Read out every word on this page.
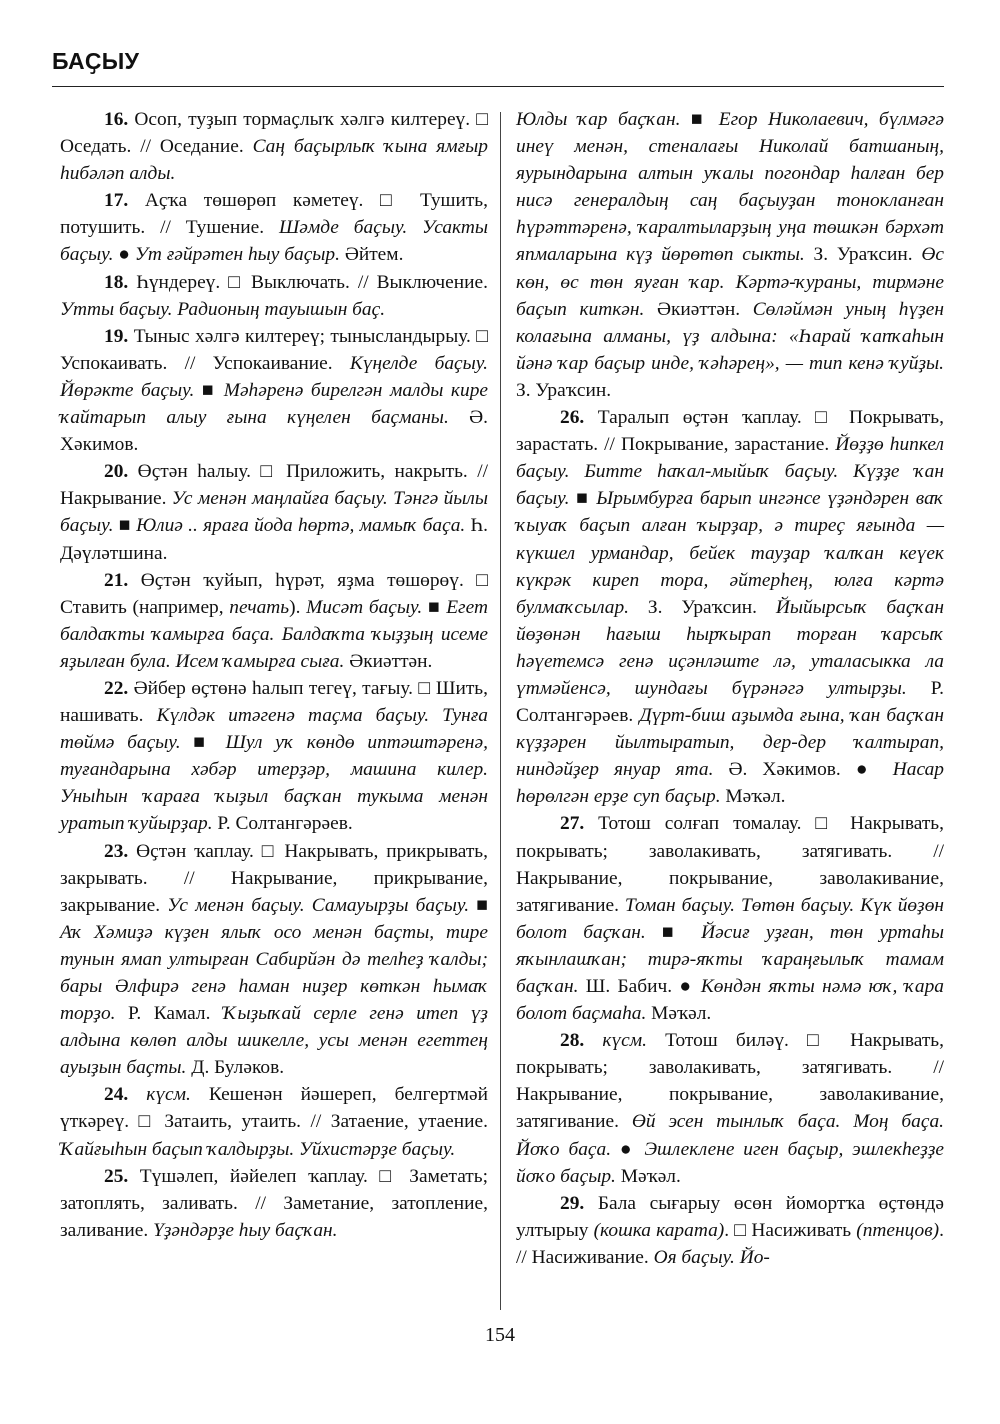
БАҪЫУ

16. Осоп, туҙып тормаҫлыҡ хәлгә килтереү. □ Оседать. // Оседание. Саң баҫырлыҡ ҡына ямғыр һибәләп алды.

17. Аҫҡа төшөрөп кәметеү. □ Тушить, потушить. // Тушение. Шәмде баҫыу. Усакты баҫыу. ● Ут ғәйрәтен һыу баҫыр. Әйтем.

18. Һүндереү. □ Выключать. // Выключение. Утты баҫыу. Радионың тауышын баҫ.

19. Тыныс хәлгә килтереү; тынысландырыу. □ Успокаивать. // Успокаивание. Күңелде баҫыу. Йөрәкте баҫыу. ■ Мәһәренә бирелгән малды кире ҡайтарып алыу ғына күңелен баҫманы. Ә. Хәкимов.

20. Өҫтән һалыу. □ Приложить, накрыть. // Накрывание. Ус менән маңлайға баҫыу. Тәнгә йылы баҫыу. ■ Юлиә .. ярағa йода һөртә, мамыҡ баҫа. Һ. Дәүләтшина.

21. Өҫтән ҡуйып, һүрәт, яҙма төшөрөү. □ Ставить (например, печать). Мисәт баҫыу. ■ Егет балдаҡты ҡамырға баҫа. Балдаҡта ҡыҙҙың исеме яҙылған була. Исем ҡамырға сыға. Әкиәттән.

22. Әйбер өҫтөнә һалып тегеү, тағыу. □ Шить, нашивать. Күлдәк итәгенә таҫма баҫыу. Тунға төймә баҫыу. ■ Шул уҡ көндө иптәштәренә, туғандарына хәбәр итерҙәр, машина килер. Уныһын ҡараға ҡыҙыл баҫҡан тукыма менән уратып ҡуйырҙар. Р. Солтангәрәев.

23. Өҫтән ҡаплау. □ Накрывать, прикрывать, закрывать. // Накрывание, прикрывание, закрывание. Ус менән баҫыу. Самауырҙы баҫыу. ■ Аҡ Хәмиҙә күҙен ялыҡ осо менән баҫты, тире тунын ямап ултырған Сабирйән дә телһеҙ ҡалды; бары Әлфирә генә һаман ниҙер көткән һымаҡ торҙо. Р. Камал. Ҡыҙыҡай серле генә итеп үҙ алдына көлөп алды шикелле, усы менән егеттең ауыҙын баҫты. Д. Буләков.

24. күсм. Кешенән йәшереп, белгертмәй үткәреү. □ Затаить, утаить. // Затаение, утаение. Ҡайғыһын баҫып ҡалдырҙы. Уйхистәрҙе баҫыу.

25. Түшәлеп, йәйелеп ҡаплау. □ Заметать; затоплять, заливать. // Заметание, затопление, заливание. Үҙәндәрҙе һыу баҫҡан.

Юлды ҡар баҫҡан. ■ Егор Николаевич, бүлмәгә инеү менән, стеналағы Николай батшаның, яурындарына алтын уҡалы погондар һалған бер нисә генералдың саң баҫыуҙан тонокланған һүрәттәренә, ҡаралтыларҙың уңа төшкән бәрхәт япмаларына күҙ йөрөтөп сыкты. З. Ураҡсин. Өс көн, өс төн яуған ҡар. Кәртә-ҡураны, тирмәне баҫып киткән. Әкиәттән. Сөләймән уның һүҙен колағына алманы, үҙ алдына: «Һарай ҡапҡаһын йәнә ҡар баҫыр инде, ҡәһәрең», — тип кенә ҡуйҙы. З. Ураҡсин.

26. Таралып өҫтән ҡаплау. □ Покрывать, зарастать. // Покрывание, зарастание. Йөҙҙө һипкел баҫыу. Битте һаҡал-мыйыҡ баҫыу. Күҙҙе ҡан баҫыу. ■ Ырымбурға барып ингәнсе үҙәндәрен ваҡ ҡыуаҡ баҫып алған ҡырҙар, ә тиреҫ яғында — күкшел урмандар, бейек тауҙар ҡалҡан кеүек күкрәк киреп тора, әйтерһең, юлға кәртә булмаҡсылар. З. Ураҡсин. Йыйырсыҡ баҫҡан йөҙөнән һағыш һырҡырап торған ҡарсыҡ һәүетемсә генә иҫәнләште лә, уталасыкка ла үтмәйенсә, шундағы бүрәнәгә ултырҙы. Р. Солтангәрәев. Дүрт-биш аҙымда ғына, ҡан баҫҡан күҙҙәрен йылтыратып, дер-дер ҡалтырап, ниндәйҙер януар ята. Ә. Хәкимов. ● Насар һөрөлгән ерҙе суп баҫыр. Мәҡәл.

27. Тотош солғап томалау. □ Накрывать, покрывать; заволакивать, затягивать. // Накрывание, покрывание, заволакивание, затягивание. Томан баҫыу. Төтөн баҫыу. Күк йөҙөн болот баҫҡан. ■ Йәсиғ уҙған, төн уртаһы яҡынлашҡан; тирә-яҡты ҡараңғылыҡ тамам баҫҡан. Ш. Бабич. ● Көндән яҡты нәмә юҡ, ҡара болот баҫмаһа. Мәҡәл.

28. күсм. Тотош биләү. □ Накрывать, покрывать; заволакивать, затягивать. // Накрывание, покрывание, заволакивание, затягивание. Өй эсен тынлыҡ баҫа. Моң баҫа. Йоҡо баҫа. ● Эшлеклене иген баҫыр, эшлекһеҙҙе йоҡо баҫыр. Мәҡәл.

29. Бала сығарыу өсөн йомортҡа өҫтөндә ултырыу (кошка карата). □ Насиживать (птенцов). // Насиживание. Оя баҫыу. Йо-

154
